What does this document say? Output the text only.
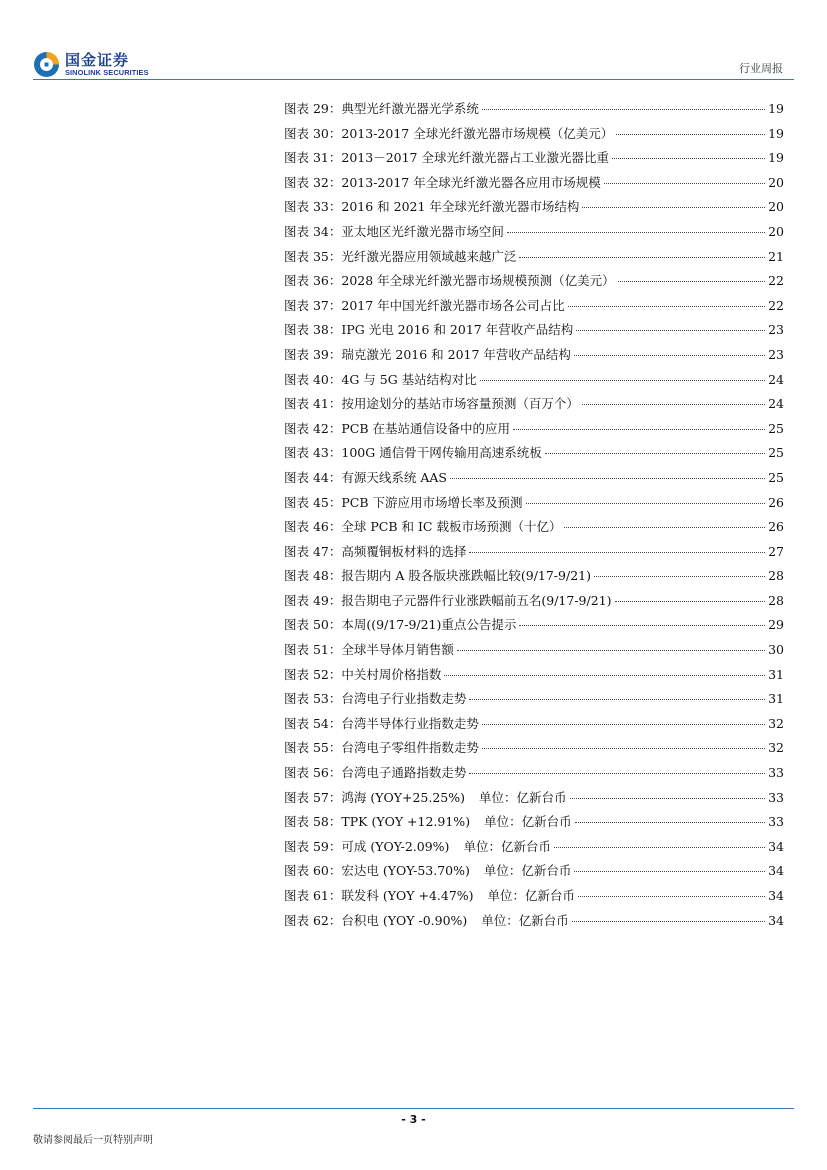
国金证券
SINOLINK SECURITIES	行业周报
图表 29： 典型光纤激光器光学系统	19
图表 30： 2013-2017 全球光纤激光器市场规模（亿美元）	19
图表 31： 2013－2017 全球光纤激光器占工业激光器比重	19
图表 32： 2013-2017 年全球光纤激光器各应用市场规模	20
图表 33： 2016 和 2021 年全球光纤激光器市场结构	20
图表 34： 亚太地区光纤激光器市场空间	20
图表 35： 光纤激光器应用领域越来越广泛	21
图表 36： 2028 年全球光纤激光器市场规模预测（亿美元）	22
图表 37： 2017 年中国光纤激光器市场各公司占比	22
图表 38： IPG 光电 2016 和 2017 年营收产品结构	23
图表 39： 瑞克激光 2016 和 2017 年营收产品结构	23
图表 40： 4G 与 5G 基站结构对比	24
图表 41： 按用途划分的基站市场容量预测（百万个）	24
图表 42： PCB 在基站通信设备中的应用	25
图表 43： 100G 通信骨干网传输用高速系统板	25
图表 44： 有源天线系统 AAS	25
图表 45： PCB 下游应用市场增长率及预测	26
图表 46： 全球 PCB 和 IC 载板市场预测（十亿）	26
图表 47： 高频覆铜板材料的选择	27
图表 48： 报告期内 A 股各版块涨跌幅比较(9/17-9/21)	28
图表 49： 报告期电子元器件行业涨跌幅前五名(9/17-9/21)	28
图表 50： 本周((9/17-9/21)重点公告提示	29
图表 51： 全球半导体月销售额	30
图表 52： 中关村周价格指数	31
图表 53： 台湾电子行业指数走势	31
图表 54： 台湾半导体行业指数走势	32
图表 55： 台湾电子零组件指数走势	32
图表 56： 台湾电子通路指数走势	33
图表 57： 鸿海 (YOY+25.25%) 单位：亿新台币	33
图表 58： TPK (YOY +12.91%) 单位：亿新台币	33
图表 59： 可成 (YOY-2.09%) 单位：亿新台币	34
图表 60： 宏达电 (YOY-53.70%) 单位：亿新台币	34
图表 61： 联发科 (YOY +4.47%) 单位：亿新台币	34
图表 62： 台积电 (YOY -0.90%) 单位：亿新台币	34
- 3 -
敬请参阅最后一页特别声明
